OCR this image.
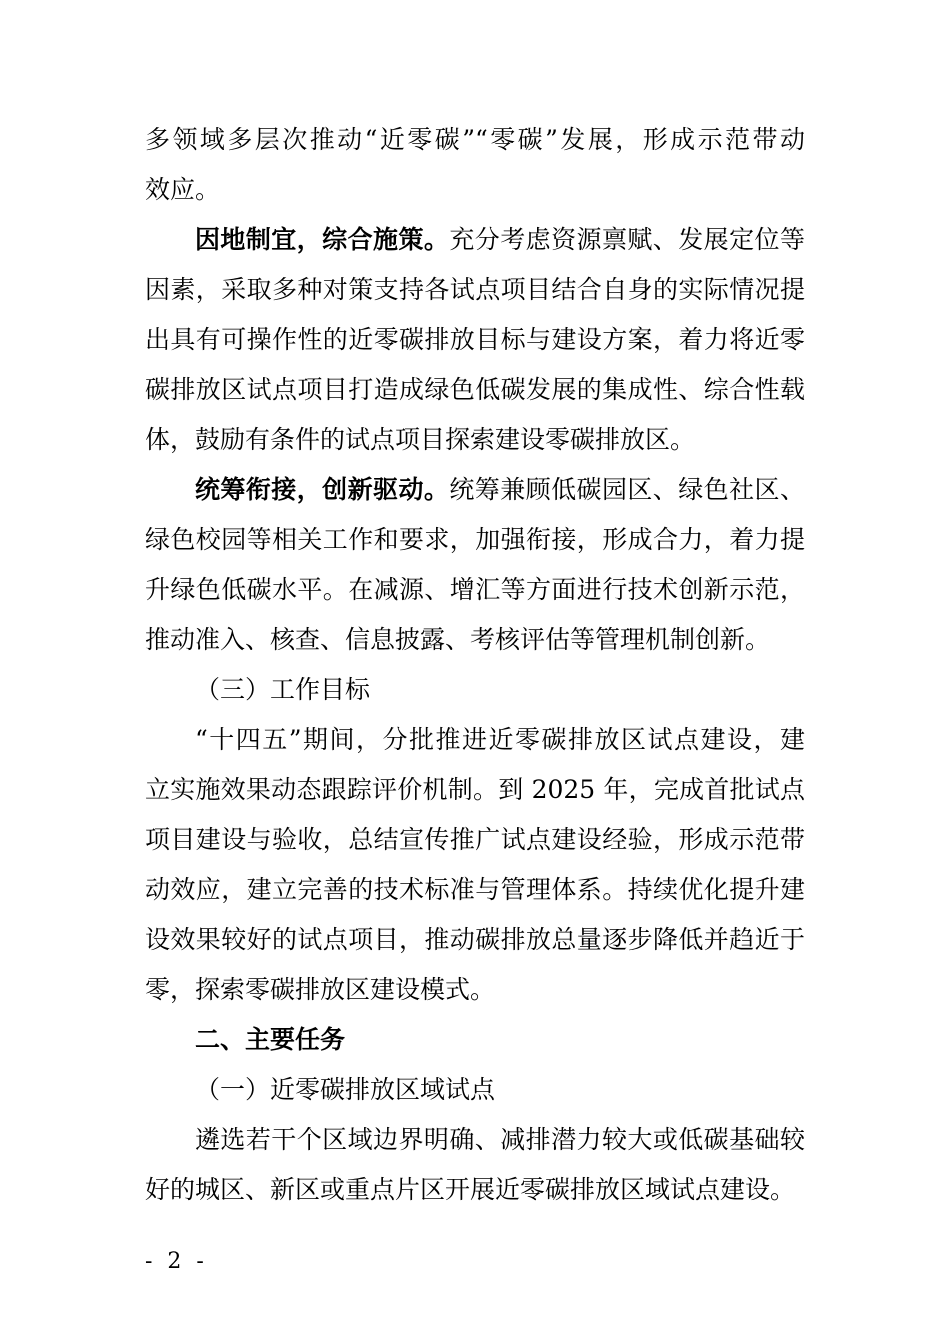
多领域多层次推动“近零碳”“零碳”发展，形成示范带动
效应。
因地制宜，综合施策。充分考虑资源禀赋、发展定位等
因素，采取多种对策支持各试点项目结合自身的实际情况提
出具有可操作性的近零碳排放目标与建设方案，着力将近零
碳排放区试点项目打造成绿色低碳发展的集成性、综合性载
体，鼓励有条件的试点项目探索建设零碳排放区。
统筹衔接，创新驱动。统筹兼顾低碳园区、绿色社区、
绿色校园等相关工作和要求，加强衔接，形成合力，着力提
升绿色低碳水平。在减源、增汇等方面进行技术创新示范，
推动准入、核查、信息披露、考核评估等管理机制创新。
（三）工作目标
“十四五”期间，分批推进近零碳排放区试点建设，建
立实施效果动态跟踪评价机制。到 2025 年，完成首批试点
项目建设与验收，总结宣传推广试点建设经验，形成示范带
动效应，建立完善的技术标准与管理体系。持续优化提升建
设效果较好的试点项目，推动碳排放总量逐步降低并趋近于
零，探索零碳排放区建设模式。
二、主要任务
（一）近零碳排放区域试点
遴选若干个区域边界明确、减排潜力较大或低碳基础较
好的城区、新区或重点片区开展近零碳排放区域试点建设。
- 2 -
